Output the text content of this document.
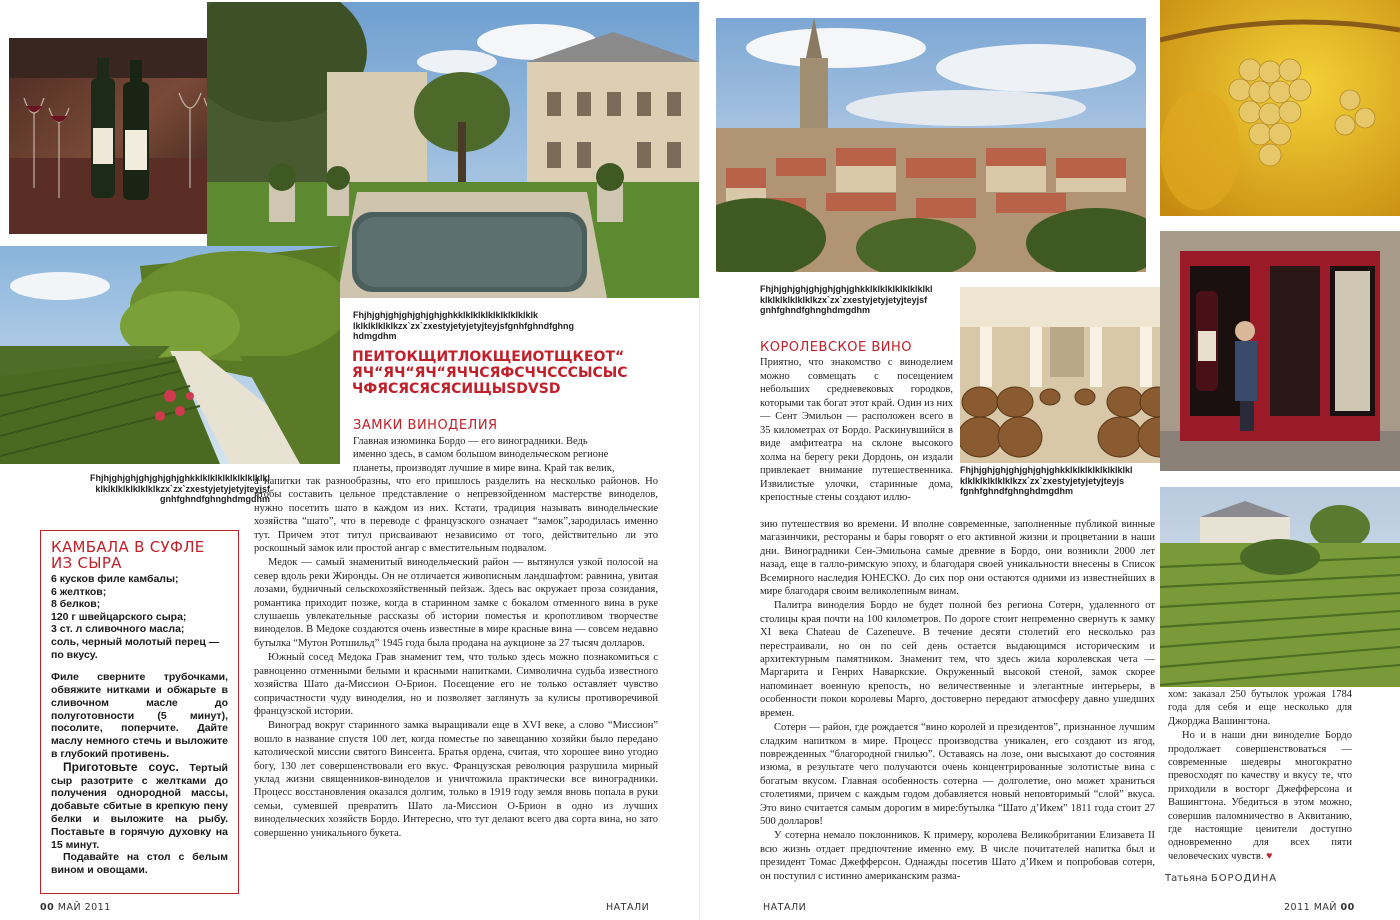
Fhjhjghjghjghjghjghjghkklklklklklklklklklklk
lklklklklklkzx`zx`zxestyjetyjetyjteyjsfgnhfghndfghng
hdmgdhm
Fhjhjghjghjghjghjghjghkklklklklklklklklklkl
klklklklklklklklkzx`zx`zxestyjetyjetyjteyjsf
gnhfghndfghnghdmgdhm
ПЕИТОКЩИТЛОКЩЕИОТЩКЕОТ“
ЯЧ“ЯЧ“ЯЧ“ЯЧЧСЯФСЧЧСССЫСЫС
ЧФЯСЯСЯСЯСИЩЫSDVSD
ЗАМКИ ВИНОДЕЛИЯ
Главная изюминка Бордо — его виноградники. Ведь
именно здесь, в самом большом винодельческом регионе
планеты, производят лучшие в мире вина. Край так велик,

а напитки так разнообразны, что его пришлось разделить на несколько районов. Но чтобы составить цельное представление о непревзойденном мастерстве виноделов, нужно посетить шато в каждом из них. Кстати, традиция называть винодельческие хозяйства “шато”, что в переводе с французского означает “замок”,зародилась именно тут. Причем этот титул присваивают независимо от того, действительно ли это роскошный замок или простой ангар с вместительным подвалом.

Медок — самый знаменитый винодельческий район — вытянулся узкой полосой на север вдоль реки Жиронды. Он не отличается живописным ландшафтом: равнина, увитая лозами, будничный сельскохозяйственный пейзаж. Здесь вас окружает проза созидания, романтика приходит позже, когда в старинном замке с бокалом отменного вина в руке слушаешь увлекательные рассказы об истории поместья и кропотливом творчестве виноделов. В Медоке создаются очень известные в мире красные вина — совсем недавно бутылка “Мутон Ротшильд” 1945 года была продана на аукционе за 27 тысяч долларов.

Южный сосед Медока Грав знаменит тем, что только здесь можно познакомиться с равноценно отменными белыми и красными напитками. Символична судьба известного хозяйства Шато да-Миссион О-Брион. Посещение его не только оставляет чувство сопричастности чуду виноделия, но и позволяет заглянуть за кулисы противоречивой французской истории.

Виноград вокруг старинного замка выращивали еще в XVI веке, а слово “Миссион” вошло в название спустя 100 лет, когда поместье по завещанию хозяйки было передано католической миссии святого Винсента. Братья ордена, считая, что хорошее вино угодно богу, 130 лет совершенствовали его вкус. Французская революция разрушила мирный уклад жизни священников-виноделов и уничтожила практически все виноградники. Процесс восстановления оказался долгим, только в 1919 году земля вновь попала в руки семьи, сумевшей превратить Шато ла-Миссион О-Брион в одно из лучших винодельческих хозяйств Бордо. Интересно, что тут делают всего два сорта вина, но зато совершенно уникального букета.

КАМБАЛА В СУФЛЕ
ИЗ СЫРА
6 кусков филе камбалы;
6 желтков;
8 белков;
120 г швейцарского сыра;
3 ст. л сливочного масла;
соль, черный молотый перец —
по вкусу.

Филе сверните трубочками, обвяжите нитками и обжарьте в сливочном масле до полуготовности (5 минут), посолите, поперчите. Дайте маслу немного стечь и выложите в глубокий противень.

Приготовьте соус. Тертый сыр разотрите с желтками до получения однородной массы, добавьте сбитые в крепкую пену белки и выложите на рыбу. Поставьте в горячую духовку на 15 минут.

Подавайте на стол с белым вином и овощами.

00 МАЙ 2011	НАТАЛИ
Fhjhjghjghjghjghjghjghkklklklklklklklklkl
klklklklklklklkzx`zx`zxestyjetyjetyjteyjsf
gnhfghndfghnghdmgdhm
Fhjhjghjghjghjghjghjghkklklklklklklklklkl
klklklklklklklkzx`zx`zxestyjetyjetyjteyjs
fgnhfghndfghnghdmgdhm
КОРОЛЕВСКОЕ ВИНО
Приятно, что знакомство с виноделием можно совмещать с посещением небольших средневековых городков, которыми так богат этот край. Один из них — Сент Эмильон — расположен всего в 35 километрах от Бордо. Раскинувшийся в виде амфитеатра на склоне высокого холма на берегу реки Дордонь, он издали привлекает внимание путешественника. Извилистые улочки, старинные дома, крепостные стены создают иллю-

зию путешествия во времени. И вполне современные, заполненные публикой винные магазинчики, рестораны и бары говорят о его активной жизни и процветании в наши дни. Виноградники Сен-Эмильона самые древние в Бордо, они возникли 2000 лет назад, еще в галло-римскую эпоху, и благодаря своей уникальности внесены в Список Всемирного наследия ЮНЕСКО. До сих пор они остаются одними из известнейших в мире благодаря своим великолепным винам.

Палитра виноделия Бордо не будет полной без региона Сотерн, удаленного от столицы края почти на 100 километров. По дороге стоит непременно свернуть к замку XI века Chateau de Cazeneuve. В течение десяти столетий его несколько раз перестраивали, но он по сей день остается выдающимся историческим и архитектурным памятником. Знаменит тем, что здесь жила королевская чета — Маргарита и Генрих Наваркские. Окруженный высокой стеной, замок скорее напоминает военную крепость, но величественные и элегантные интерьеры, в особенности покои королевы Марго, достоверно передают атмосферу давно ушедших времен.

Сотерн — район, где рождается “вино королей и президентов”, признанное лучшим сладким напитком в мире. Процесс производства уникален, его создают из ягод, поврежденных “благородной гнилью”. Оставаясь на лозе, они высыхают до состояния изюма, в результате чего получаются очень концентрированные золотистые вина с богатым вкусом. Главная особенность сотерна — долголетие, оно может храниться столетиями, причем с каждым годом добавляется новый неповторимый “слой” вкуса. Это вино считается самым дорогим в мире:бутылка “Шато д’Икем” 1811 года стоит 27 500 долларов!

У сотерна немало поклонников. К примеру, королева Великобритании Елизавета II всю жизнь отдает предпочтение именно ему. В числе почитателей напитка был и президент Томас Джефферсон. Однажды посетив Шато д’Икем и попробовав сотерн, он поступил с истинно американским разма-

хом: заказал 250 бутылок урожая 1784 года для себя и еще несколько для Джорджа Вашингтона.

Но и в наши дни виноделие Бордо продолжает совершенствоваться — современные шедевры многократно превосходят по качеству и вкусу те, что приходили в восторг Джефферсона и Вашингтона. Убедиться в этом можно, совершив паломничество в Аквитанию, где настоящие ценители доступно одновременно для всех пяти человеческих чувств. ♥

Татьяна БОРОДИНА
НАТАЛИ	2011 МАЙ 00
